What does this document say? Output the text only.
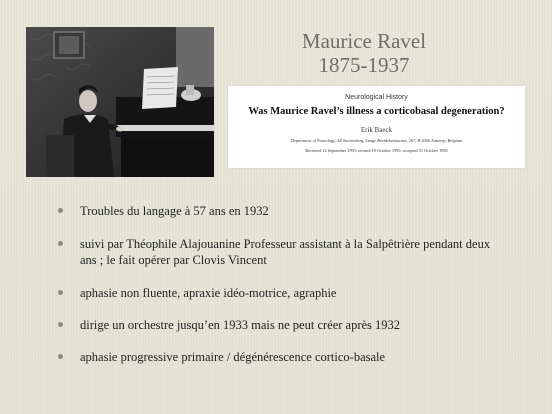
Maurice Ravel
1875-1937
Neurological History
Was Maurice Ravel’s illness a corticobasal degeneration?
Erik Baeck
Department of Neurology, AZ Stuivenberg, Lange Beeldekensstraat, 267, B-2060 Antwerp, Belgium
Received 12 September 1995; revised 18 October 1995; accepted 31 October 1995
Troubles du langage à 57 ans en 1932
suivi par Théophile Alajouanine Professeur assistant à la Salpêtrière pendant deux ans ; le fait opérer par Clovis Vincent
aphasie non fluente, apraxie idéo-motrice, agraphie
dirige un orchestre jusqu’en 1933 mais ne peut créer après 1932
aphasie progressive primaire / dégénérescence cortico-basale
